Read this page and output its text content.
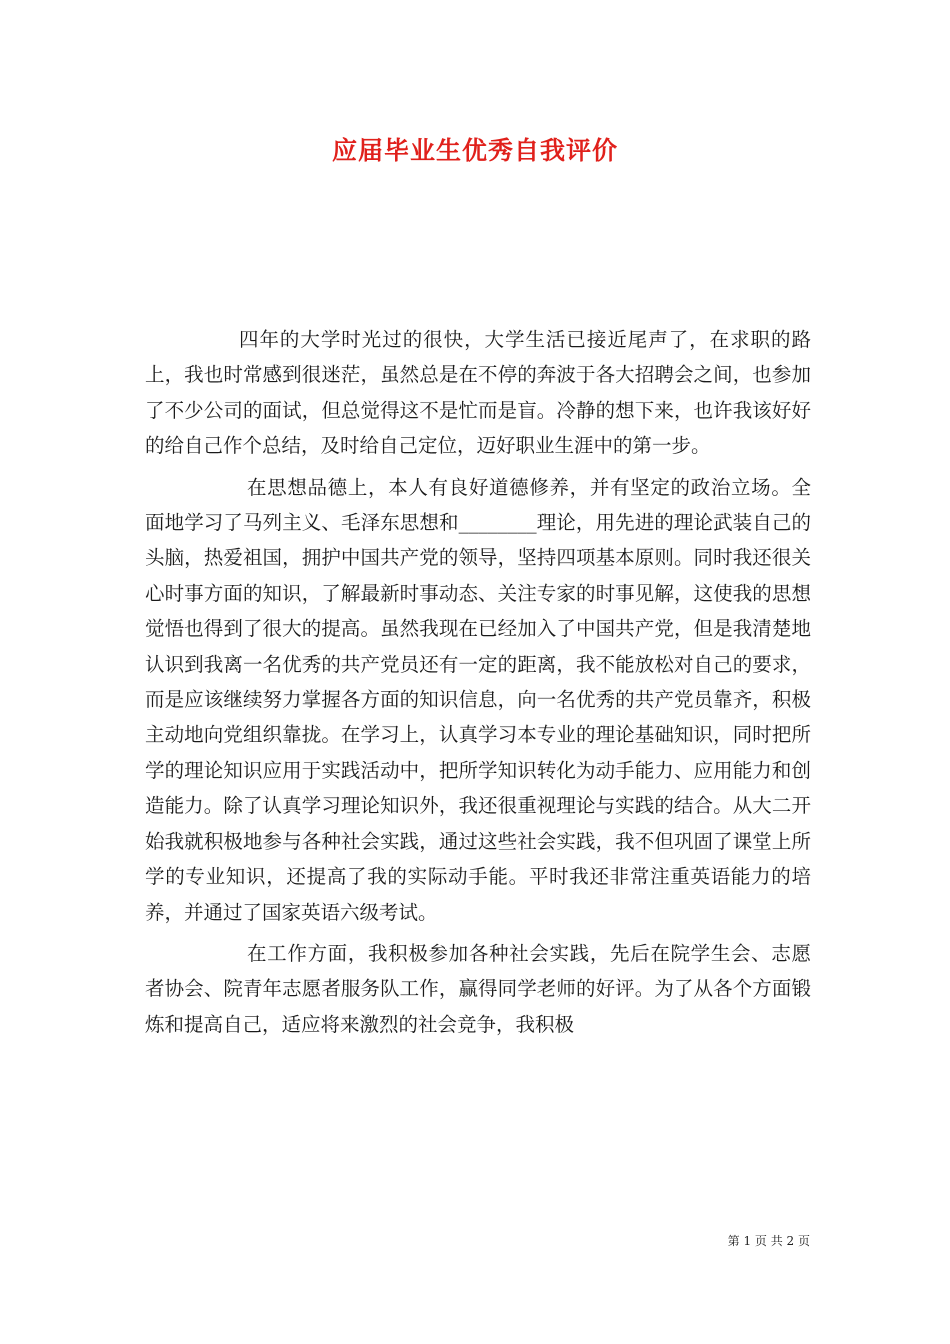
应届毕业生优秀自我评价

四年的大学时光过的很快，大学生活已接近尾声了，在求职的路上，我也时常感到很迷茫，虽然总是在不停的奔波于各大招聘会之间，也参加了不少公司的面试，但总觉得这不是忙而是盲。冷静的想下来，也许我该好好的给自己作个总结，及时给自己定位，迈好职业生涯中的第一步。

在思想品德上，本人有良好道德修养，并有坚定的政治立场。全面地学习了马列主义、毛泽东思想和________理论，用先进的理论武装自己的头脑，热爱祖国，拥护中国共产党的领导，坚持四项基本原则。同时我还很关心时事方面的知识，了解最新时事动态、关注专家的时事见解，这使我的思想觉悟也得到了很大的提高。虽然我现在已经加入了中国共产党，但是我清楚地认识到我离一名优秀的共产党员还有一定的距离，我不能放松对自己的要求，而是应该继续努力掌握各方面的知识信息，向一名优秀的共产党员靠齐，积极主动地向党组织靠拢。在学习上，认真学习本专业的理论基础知识，同时把所学的理论知识应用于实践活动中，把所学知识转化为动手能力、应用能力和创造能力。除了认真学习理论知识外，我还很重视理论与实践的结合。从大二开始我就积极地参与各种社会实践，通过这些社会实践，我不但巩固了课堂上所学的专业知识，还提高了我的实际动手能。平时我还非常注重英语能力的培养，并通过了国家英语六级考试。

在工作方面，我积极参加各种社会实践，先后在院学生会、志愿者协会、院青年志愿者服务队工作，赢得同学老师的好评。为了从各个方面锻炼和提高自己，适应将来激烈的社会竞争，我积极

第 1 页 共 2 页
